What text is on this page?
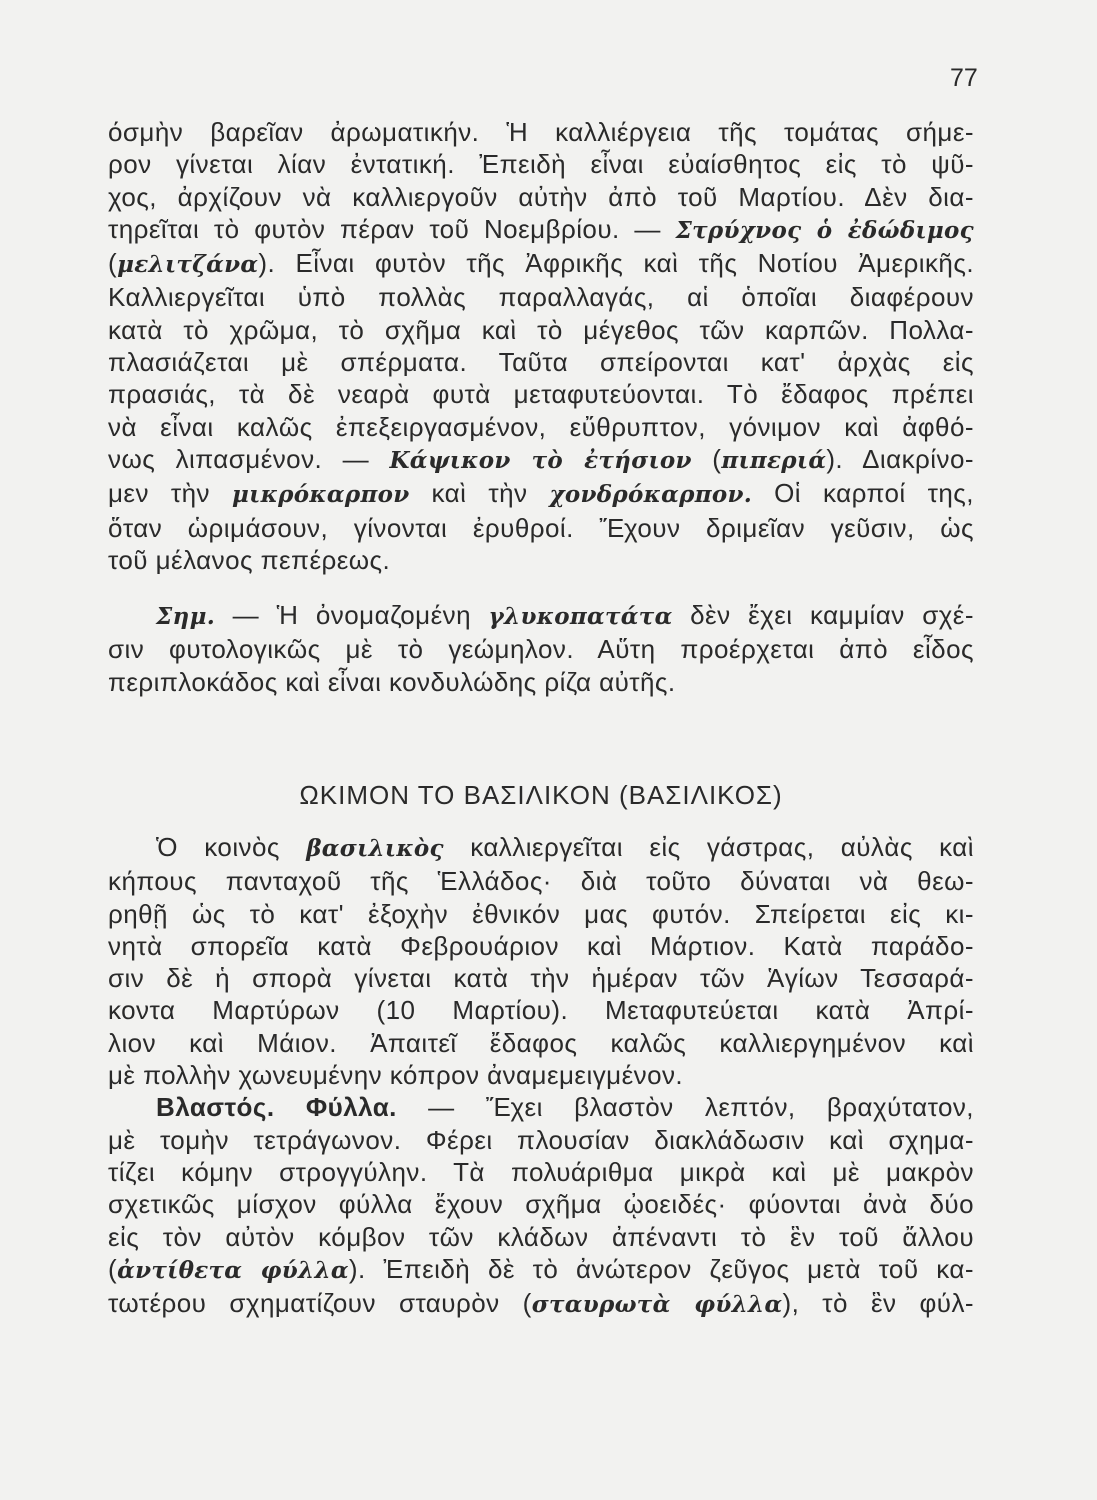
77
όσμὴν βαρεῖαν ἀρωματικήν. Ἡ καλλιέργεια τῆς τομάτας σήμε-
ρον γίνεται λίαν ἐντατική. Ἐπειδὴ εἶναι εὐαίσθητος εἰς τὸ ψῦ-
χος, ἀρχίζουν νὰ καλλιεργοῦν αὐτὴν ἀπὸ τοῦ Μαρτίου. Δὲν δια-
τηρεῖται τὸ φυτὸν πέραν τοῦ Νοεμβρίου. — Στρύχνος ὁ ἐδώδιμος
(μελιτζάνα). Εἶναι φυτὸν τῆς Ἀφρικῆς καὶ τῆς Νοτίου Ἀμερικῆς.
Καλλιεργεῖται ὑπὸ πολλὰς παραλλαγάς, αἱ ὁποῖαι διαφέρουν
κατὰ τὸ χρῶμα, τὸ σχῆμα καὶ τὸ μέγεθος τῶν καρπῶν. Πολλα-
πλασιάζεται μὲ σπέρματα. Ταῦτα σπείρονται κατ' ἀρχὰς εἰς
πρασιάς, τὰ δὲ νεαρὰ φυτὰ μεταφυτεύονται. Τὸ ἔδαφος πρέπει
νὰ εἶναι καλῶς ἐπεξειργασμένον, εὔθρυπτον, γόνιμον καὶ ἀφθό-
νως λιπασμένον. — Κάψικον τὸ ἐτήσιον (πιπεριά). Διακρίνο-
μεν τὴν μικρόκαρπον καὶ τὴν χονδρόκαρπον. Οἱ καρποί της,
ὅταν ὡριμάσουν, γίνονται ἐρυθροί. Ἔχουν δριμεῖαν γεῦσιν, ὡς
τοῦ μέλανος πεπέρεως.
Σημ. — Ἡ ὀνομαζομένη γλυκοπατάτα δὲν ἔχει καμμίαν σχέ-
σιν φυτολογικῶς μὲ τὸ γεώμηλον. Αὕτη προέρχεται ἀπὸ εἶδος
περιπλοκάδος καὶ εἶναι κονδυλώδης ρίζα αὐτῆς.
ΩΚΙΜΟΝ ΤΟ ΒΑΣΙΛΙΚΟΝ (ΒΑΣΙΛΙΚΟΣ)
Ὁ κοινὸς βασιλικὸς καλλιεργεῖται εἰς γάστρας, αὐλὰς καὶ
κήπους πανταχοῦ τῆς Ἑλλάδος· διὰ τοῦτο δύναται νὰ θεω-
ρηθῇ ὡς τὸ κατ' ἐξοχὴν ἐθνικόν μας φυτόν. Σπείρεται εἰς κι-
νητὰ σπορεῖα κατὰ Φεβρουάριον καὶ Μάρτιον. Κατὰ παράδο-
σιν δὲ ἡ σπορὰ γίνεται κατὰ τὴν ἡμέραν τῶν Ἁγίων Τεσσαρά-
κοντα Μαρτύρων (10 Μαρτίου). Μεταφυτεύεται κατὰ Ἀπρί-
λιον καὶ Μάιον. Ἀπαιτεῖ ἔδαφος καλῶς καλλιεργημένον καὶ
μὲ πολλὴν χωνευμένην κόπρον ἀναμεμειγμένον.
Βλαστός. Φύλλα. — Ἔχει βλαστὸν λεπτόν, βραχύτατον,
μὲ τομὴν τετράγωνον. Φέρει πλουσίαν διακλάδωσιν καὶ σχημα-
τίζει κόμην στρογγύλην. Τὰ πολυάριθμα μικρὰ καὶ μὲ μακρὸν
σχετικῶς μίσχον φύλλα ἔχουν σχῆμα ᾠοειδές· φύονται ἀνὰ δύο
εἰς τὸν αὐτὸν κόμβον τῶν κλάδων ἀπέναντι τὸ ἓν τοῦ ἄλλου
(ἀντίθετα φύλλα). Ἐπειδὴ δὲ τὸ ἀνώτερον ζεῦγος μετὰ τοῦ κα-
τωτέρου σχηματίζουν σταυρὸν (σταυρωτὰ φύλλα), τὸ ἓν φύλ-
